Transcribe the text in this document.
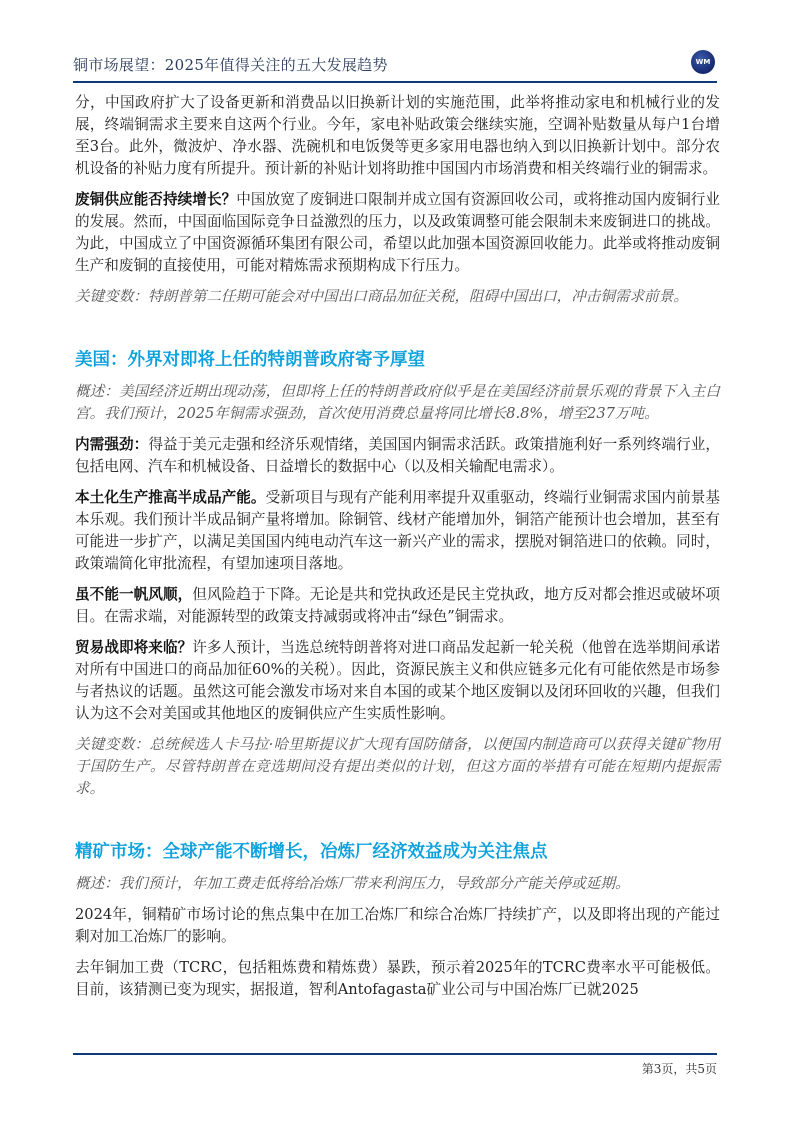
铜市场展望：2025年值得关注的五大发展趋势	WM

分，中国政府扩大了设备更新和消费品以旧换新计划的实施范围，此举将推动家电和机械行业的发展，终端铜需求主要来自这两个行业。今年，家电补贴政策会继续实施，空调补贴数量从每户1台增至3台。此外，微波炉、净水器、洗碗机和电饭煲等更多家用电器也纳入到以旧换新计划中。部分农机设备的补贴力度有所提升。预计新的补贴计划将助推中国国内市场消费和相关终端行业的铜需求。

废铜供应能否持续增长？中国放宽了废铜进口限制并成立国有资源回收公司，或将推动国内废铜行业的发展。然而，中国面临国际竞争日益激烈的压力，以及政策调整可能会限制未来废铜进口的挑战。为此，中国成立了中国资源循环集团有限公司，希望以此加强本国资源回收能力。此举或将推动废铜生产和废铜的直接使用，可能对精炼需求预期构成下行压力。

关键变数：特朗普第二任期可能会对中国出口商品加征关税，阻碍中国出口，冲击铜需求前景。

美国：外界对即将上任的特朗普政府寄予厚望

概述：美国经济近期出现动荡，但即将上任的特朗普政府似乎是在美国经济前景乐观的背景下入主白宫。我们预计，2025年铜需求强劲，首次使用消费总量将同比增长8.8%，增至237万吨。

内需强劲：得益于美元走强和经济乐观情绪，美国国内铜需求活跃。政策措施利好一系列终端行业，包括电网、汽车和机械设备、日益增长的数据中心（以及相关输配电需求）。

本土化生产推高半成品产能。受新项目与现有产能利用率提升双重驱动，终端行业铜需求国内前景基本乐观。我们预计半成品铜产量将增加。除铜管、线材产能增加外，铜箔产能预计也会增加，甚至有可能进一步扩产，以满足美国国内纯电动汽车这一新兴产业的需求，摆脱对铜箔进口的依赖。同时，政策端简化审批流程，有望加速项目落地。

虽不能一帆风顺，但风险趋于下降。无论是共和党执政还是民主党执政，地方反对都会推迟或破坏项目。在需求端，对能源转型的政策支持减弱或将冲击“绿色”铜需求。

贸易战即将来临？许多人预计，当选总统特朗普将对进口商品发起新一轮关税（他曾在选举期间承诺对所有中国进口的商品加征60%的关税）。因此，资源民族主义和供应链多元化有可能依然是市场参与者热议的话题。虽然这可能会激发市场对来自本国的或某个地区废铜以及闭环回收的兴趣，但我们认为这不会对美国或其他地区的废铜供应产生实质性影响。

关键变数：总统候选人卡马拉·哈里斯提议扩大现有国防储备，以便国内制造商可以获得关键矿物用于国防生产。尽管特朗普在竞选期间没有提出类似的计划，但这方面的举措有可能在短期内提振需求。

精矿市场：全球产能不断增长，冶炼厂经济效益成为关注焦点

概述：我们预计，年加工费走低将给冶炼厂带来利润压力，导致部分产能关停或延期。

2024年，铜精矿市场讨论的焦点集中在加工冶炼厂和综合冶炼厂持续扩产，以及即将出现的产能过剩对加工冶炼厂的影响。

去年铜加工费（TCRC，包括粗炼费和精炼费）暴跌，预示着2025年的TCRC费率水平可能极低。目前，该猜测已变为现实，据报道，智利Antofagasta矿业公司与中国冶炼厂已就2025

第3页，共5页
